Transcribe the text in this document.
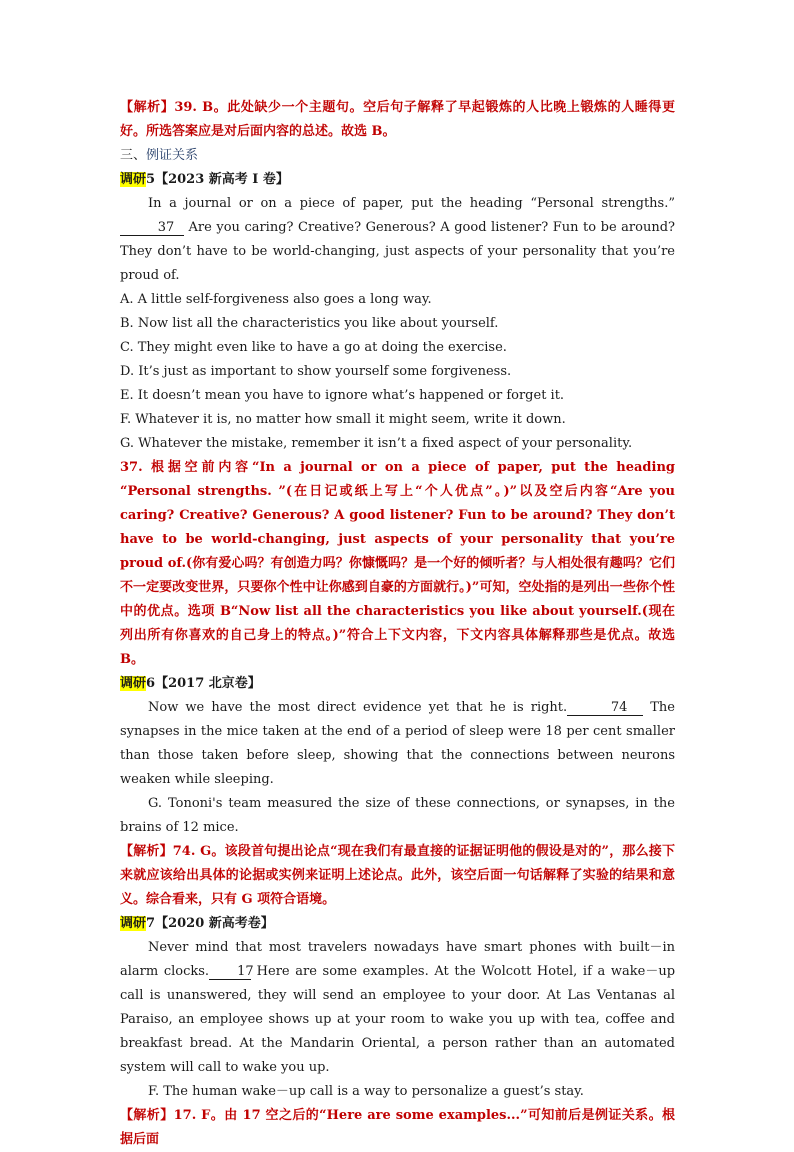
【解析】39. B。此处缺少一个主题句。空后句子解释了早起锻炼的人比晚上锻炼的人睡得更好。所选答案应是对后面内容的总述。故选 B。
三、例证关系
调研5【2023 新高考 I 卷】
In a journal or on a piece of paper, put the heading “Personal strengths.”37 Are you caring? Creative? Generous? A good listener? Fun to be around? They don’t have to be world-changing, just aspects of your personality that you’re proud of.
A. A little self-forgiveness also goes a long way.
B. Now list all the characteristics you like about yourself.
C. They might even like to have a go at doing the exercise.
D. It’s just as important to show yourself some forgiveness.
E. It doesn’t mean you have to ignore what’s happened or forget it.
F. Whatever it is, no matter how small it might seem, write it down.
G. Whatever the mistake, remember it isn’t a fixed aspect of your personality.
37. 根据空前内容“In a journal or on a piece of paper, put the heading “Personal strengths. ”(在日记或纸上写上“个人优点”。)”以及空后内容“Are you caring? Creative? Generous? A good listener? Fun to be around? They don’t have to be world-changing, just aspects of your personality that you’re proud of.(你有爱心吗？有创造力吗？你慷慨吗？是一个好的倾听者？与人相处很有趣吗？它们不一定要改变世界，只要你个性中让你感到自豪的方面就行。)”可知，空处指的是列出一些你个性中的优点。选项 B“Now list all the characteristics you like about yourself.(现在列出所有你喜欢的自己身上的特点。)”符合上下文内容，下文内容具体解释那些是优点。故选 B。
调研6【2017 北京卷】
Now we have the most direct evidence yet that he is right.	74 The synapses in the mice taken at the end of a period of sleep were 18 per cent smaller than those taken before sleep, showing that the connections between neurons weaken while sleeping.
G. Tononi's team measured the size of these connections, or synapses, in the brains of 12 mice.
【解析】74. G。该段首句提出论点“现在我们有最直接的证据证明他的假设是对的”，那么接下来就应该给出具体的论据或实例来证明上述论点。此外，该空后面一句话解释了实验的结果和意义。综合看来，只有 G 项符合语境。
调研7【2020 新高考卷】
Never mind that most travelers nowadays have smart phones with built－in alarm clocks. 17 Here are some examples. At the Wolcott Hotel, if a wake－up call is unanswered, they will send an employee to your door. At Las Ventanas al Paraiso, an employee shows up at your room to wake you up with tea, coffee and breakfast bread. At the Mandarin Oriental, a person rather than an automated system will call to wake you up.
F. The human wake－up call is a way to personalize a guest’s stay.
【解析】17. F。由 17 空之后的“Here are some examples...”可知前后是例证关系。根据后面
